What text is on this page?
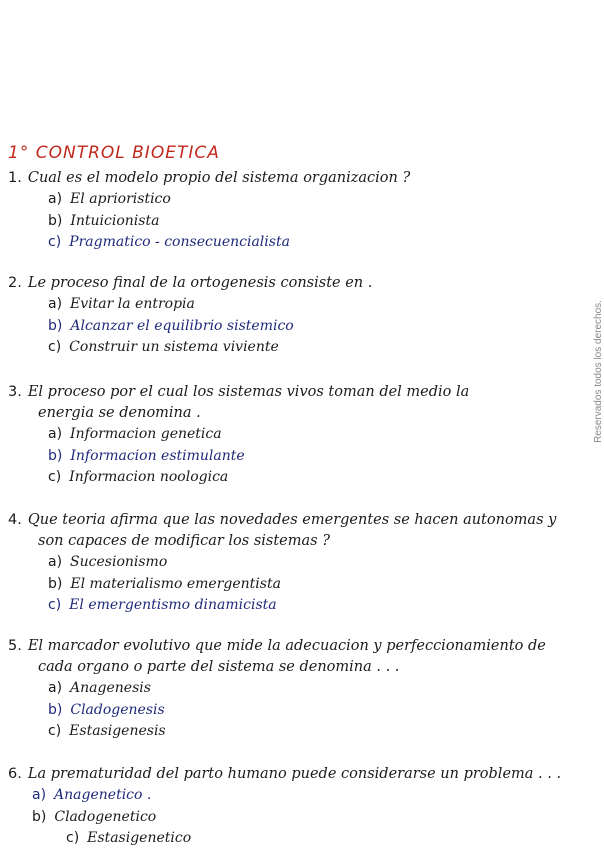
1° CONTROL BIOETICA
1. Cual es el modelo propio del sistema organizacion ?
a) El aprioristico
b) Intuicionista
c) Pragmatico - consecuencialista
2. Le proceso final de la ortogenesis consiste en .
a) Evitar la entropia
b) Alcanzar el equilibrio sistemico
c) Construir un sistema viviente
3. El proceso por el cual los sistemas vivos toman del medio la
energia se denomina .
a) Informacion genetica
b) Informacion estimulante
c) Informacion noologica
4. Que teoria afirma que las novedades emergentes se hacen autonomas y
son capaces de modificar los sistemas ?
a) Sucesionismo
b) El materialismo emergentista
c) El emergentismo dinamicista
5. El marcador evolutivo que mide la adecuacion y perfeccionamiento de
cada organo o parte del sistema se denomina . . .
a) Anagenesis
b) Cladogenesis
c) Estasigenesis
6. La prematuridad del parto humano puede considerarse un problema . . .
a) Anagenetico .
b) Cladogenetico
c) Estasigenetico
Reservados todos los derechos.
